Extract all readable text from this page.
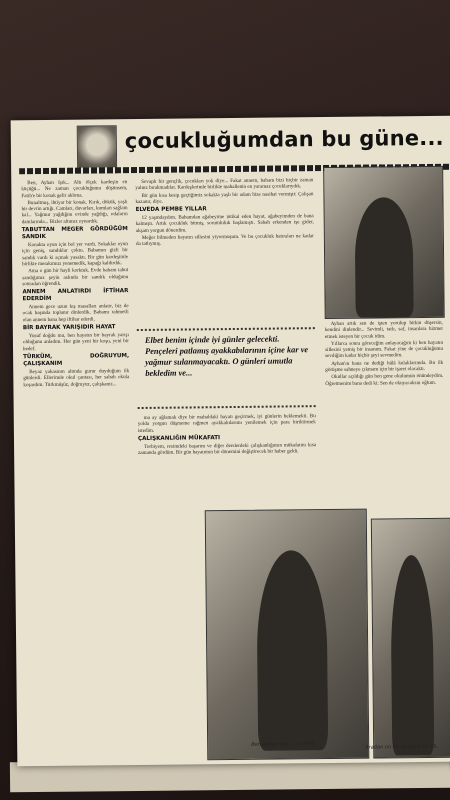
çocukluğumdan bu güne...

Ben, Ayhan Işık... Altı ölçek kardeşin en küçüğü... Ne zaman çocukluğumu düşünsem, Fatih'e bir konak gelir aklıma.

Bunaltmış, ihtiyar bir konak. Kırık, dökük, yaşlı bir devrin artığı. Camları, duvarları, kumları sağlam kal... Yağmur yağdığını evinde yağdığı, odaların damlarında... Bizler altımız oynardık.

TABUTTAN MEGER GÖRDÜĞÜM SANDIK

Konakta oyun için bol yer vardı. Sokaklar oyun için geniş, sandıklar çoktu. Babamın gizli bir sandık vardı ki açmak yasaktı. Bir gün kardeşimle birlikte merakımızı yenemedik, kapağı kaldırdık.

Ama o gün bir hayli korktuk. Evde babam tabut sandığımız şeyin aslında bir sandık olduğunu sonradan öğrendik.

ANNEM ANLATIRDI İFTİHAR EDERDİM

Annem gece uzun kış masalları anlatır, biz de ocak başında toplanır dinlerdik. Babamı rahmetli olan annem bana hep iftihar ederdi.

BİR BAYRAK YARIŞIDIR HAYAT

Yusuf doğdu mu, ben hayatın bir bayrak yarışı olduğunu anladım. Her gün yeni bir koşu, yeni bir hedef.

TÜRKÜM, DOĞRUYUM, ÇALIŞKANIM

Beyaz yakasının altında gurur duyduğum ilk günlerdi. Ellerimde okul çantası, her sabah okula koşardım. Türkmüşüz, doğruyuz, çalışkanız...

Sevaplı bir gençlik, çocukları yok diye... Fakat annem, babam bizi hiçbir zaman yalnız bırakmadılar. Kardeşlerimle birlikte mahallenin en yaramaz çocuklarıydık.

Bir gün kısa kesip geçtiğimiz sokakta yaşlı bir adam bize nasihat vermişti: Çalışan kazanır, diye.

ELVEDA PEMBE YILLAR

12 yaşındaydım. Babamdan ağabeyime intikal eden hayat, ağabeyimden de bana kalmıştı. Artık çocukluk bitmiş, sorumluluk başlamıştı. Sabah erkenden işe gider, akşam yorgun dönerdim.

Meğer bilmeden hayatın sillesini yiyormuşum. Ve bu çocukluk hatıraları ne kadar da tatlıymış.

Elbet benim içinde iyi günler gelecekti. Pençeleri patlamış ayakkabılarının içine kar ve yağmur sulanmayacaktı. O günleri umutla bekledim ve...

ma ay ağlamak diye bir mahaldaki hayatı geçirmek, iyi günlerin beklemekti. Bu yolda yorgun düşmeme rağmen ayakkabılarımı yenilemek için para biriktirmek istedim.

ÇALIŞKANLIĞIN MÜKAFATI

Torbiyem, resimdeki başarım ve diğer derslerdeki çalışkanlığımın mükafatını kısa zamanda gördüm. Bir gün hayatımın bir dönemini değiştirecek bir haber geldi.

Ayhan artık sen de işten yorulup bitkin düşersin, kendini dinlendir... Sevimli, tatlı, saf, insanlara hizmet etmek isteyen bir çocuk idim.

Yıllarca sonra göreceğim anlayacağım ki ben hayatın sillesini yemiş bir insanım. Fakat yine de çocukluğumu sevdiğim kadar hiçbir şeyi sevmedim.

Ayhan'ın bana ne dediği hâlâ kulaklarımda. Bu ilk görüşme sahneye çıkmam için bir işaret olacaktı.

Okullar açıldığı gün ben gene okulumun önündeydim. Öğretmenim bana dedi ki: Sen de okuyacaksın oğlum.

Ben Ayhan Işık... Yıl 1936	Aradan on bir yıl geçti ve 19..
